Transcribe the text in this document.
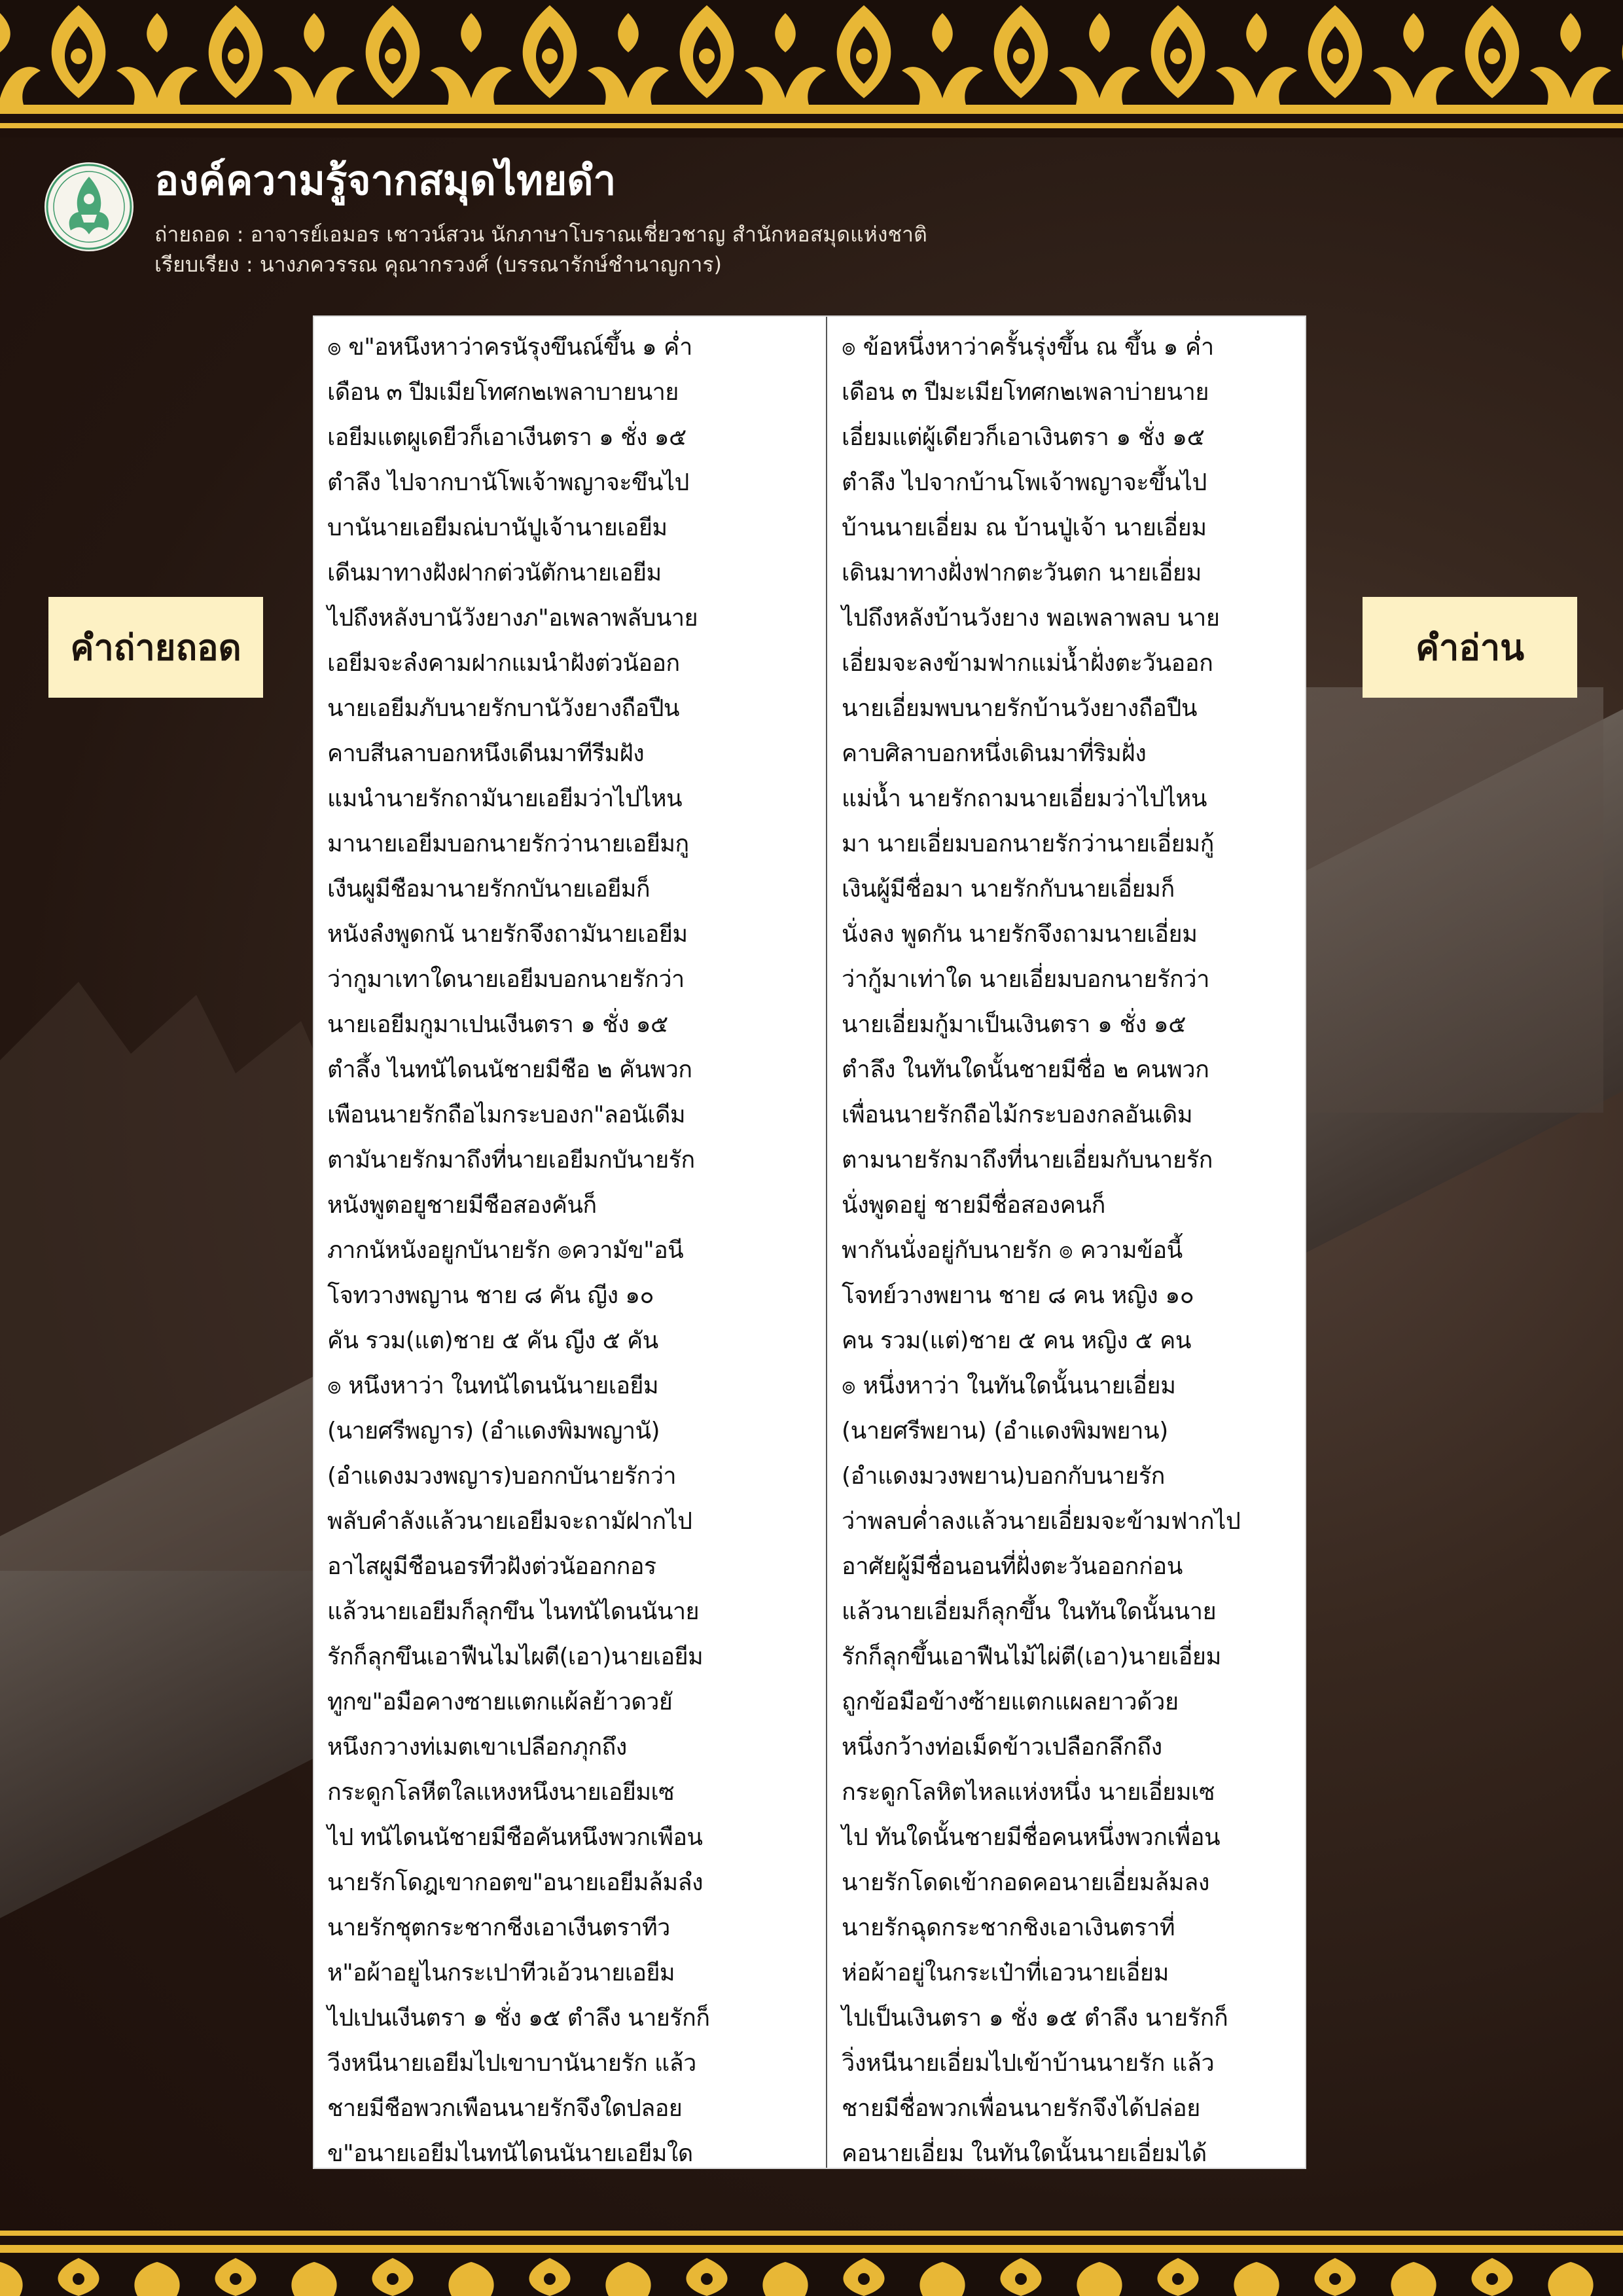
องค์ความรู้จากสมุดไทยดำ
ถ่ายถอด : อาจารย์เอมอร เชาวน์สวน นักภาษาโบราณเชี่ยวชาญ สำนักหอสมุดแห่งชาติ
เรียบเรียง : นางภควรรณ คุณากรวงศ์ (บรรณารักษ์ชำนาญการ)
คำถ่ายถอด	คำอ่าน
๏ ข"อหนึงหาว่าครนัรุงขึนณ์ขึ้น ๑ ค่ำ
เดือน ๓ ปีมเมียโทศก๒เพลาบายนาย
เอยีมแตผูเดยีวก็เอาเงีนตรา ๑ ชั่ง ๑๕
ตำลึง ไปจากบานัโพเจ้าพญาจะขึนไป
บานันายเอยีมณ่บานัปูเจ้านายเอยีม
เดีนมาทางฝังฝากต่วนัตักนายเอยีม
ไปถึงหลังบานัวังยางภ"อเพลาพลับนาย
เอยีมจะลํงคามฝากแมนำฝังต่วนัออก
นายเอยีมภับนายรักบานัวังยางถือปืน
คาบสีนลาบอกหนึงเดีนมาทีรีมฝัง
แมนำนายรักถามันายเอยีมว่าไปไหน
มานายเอยีมบอกนายรักว่านายเอยีมกู
เงีนผูมีชือมานายรักกบันายเอยีมก็
หนังลํงพูดกนั นายรักจึงถามันายเอยีม
ว่ากูมาเทาใดนายเอยีมบอกนายรักว่า
นายเอยีมกูมาเปนเงีนตรา ๑ ชั่ง ๑๕
ตำลึ้ง ไนทนัไดนนัชายมีชือ ๒ คันพวก
เพือนนายรักถือไมกระบองก"ลอนัเดีม
ตามันายรักมาถึงที่นายเอยีมกบันายรัก
หนังพูตอยูชายมีชือสองคันก็
ภากนัหนังอยูกบันายรัก ๏ความัข"อนี
โจทวางพญาน ชาย ๘ คัน ญีง ๑๐
คัน รวม(แต)ชาย ๕ คัน ญีง ๕ คัน
๏ หนึงหาว่า ในทนัไดนนันายเอยีม
(นายศรีพญาร) (อำแดงพิมพญานั)
(อำแดงมวงพญาร)บอกกบันายรักว่า
พลับคำลังแล้วนายเอยีมจะถามัฝากไป
อาไสผูมีชือนอรทีวฝังต่วนัออกกอร
แล้วนายเอยีมก็ลุกขึน ไนทนัไดนนันาย
รักก็ลุกขึนเอาฟืนไมไผตี(เอา)นายเอยีม
ทูกข"อมือคางซายแตกแผ้ลย้าวดวยั
หนึงกวางท่เมตเขาเปลีอกภุกถึง
กระดูกโลหีตใลแหงหนึงนายเอยีมเซ
ไป ทนัไดนนัชายมีชือคันหนึงพวกเพือน
นายรักโดฎเขากอตข"อนายเอยีมล้มลํง
นายรักชุตกระชากชีงเอาเงีนตราทีว
ห"อผ้าอยูไนกระเปาทีวเอ้วนายเอยีม
ไปเปนเงีนตรา ๑ ชั่ง ๑๕ ตำลึง นายรักก็
วีงหนีนายเอยีมไปเขาบานันายรัก แล้ว
ชายมีชือพวกเพือนนายรักจึงใดปลอย
ข"อนายเอยีมไนทนัไดนนันายเอยีมใด
๏ ข้อหนึ่งหาว่าครั้นรุ่งขึ้น ณ ขึ้น ๑ ค่ำ
เดือน ๓ ปีมะเมียโทศก๒เพลาบ่ายนาย
เอี่ยมแต่ผู้เดียวก็เอาเงินตรา ๑ ชั่ง ๑๕
ตำลึง ไปจากบ้านโพเจ้าพญาจะขึ้นไป
บ้านนายเอี่ยม ณ บ้านปู่เจ้า นายเอี่ยม
เดินมาทางฝั่งฟากตะวันตก นายเอี่ยม
ไปถึงหลังบ้านวังยาง พอเพลาพลบ นาย
เอี่ยมจะลงข้ามฟากแม่น้ำฝั่งตะวันออก
นายเอี่ยมพบนายรักบ้านวังยางถือปืน
คาบศิลาบอกหนึ่งเดินมาที่ริมฝั่ง
แม่น้ำ นายรักถามนายเอี่ยมว่าไปไหน
มา นายเอี่ยมบอกนายรักว่านายเอี่ยมกู้
เงินผู้มีชื่อมา นายรักกับนายเอี่ยมก็
นั่งลง พูดกัน นายรักจึงถามนายเอี่ยม
ว่ากู้มาเท่าใด นายเอี่ยมบอกนายรักว่า
นายเอี่ยมกู้มาเป็นเงินตรา ๑ ชั่ง ๑๕
ตำลึง ในทันใดนั้นชายมีชื่อ ๒ คนพวก
เพื่อนนายรักถือไม้กระบองกลอันเดิม
ตามนายรักมาถึงที่นายเอี่ยมกับนายรัก
นั่งพูดอยู่ ชายมีชื่อสองคนก็
พากันนั่งอยู่กับนายรัก ๏ ความข้อนี้
โจทย์วางพยาน ชาย ๘ คน หญิง ๑๐
คน รวม(แต่)ชาย ๕ คน หญิง ๕ คน
๏ หนึ่งหาว่า ในทันใดนั้นนายเอี่ยม
(นายศรีพยาน) (อำแดงพิมพยาน)
(อำแดงมวงพยาน)บอกกับนายรัก
ว่าพลบค่ำลงแล้วนายเอี่ยมจะข้ามฟากไป
อาศัยผู้มีชื่อนอนที่ฝั่งตะวันออกก่อน
แล้วนายเอี่ยมก็ลุกขึ้น ในทันใดนั้นนาย
รักก็ลุกขึ้นเอาฟืนไม้ไผ่ตี(เอา)นายเอี่ยม
ถูกข้อมือข้างซ้ายแตกแผลยาวด้วย
หนึ่งกว้างท่อเม็ดข้าวเปลือกลึกถึง
กระดูกโลหิตไหลแห่งหนึ่ง นายเอี่ยมเซ
ไป ทันใดนั้นชายมีชื่อคนหนึ่งพวกเพื่อน
นายรักโดดเข้ากอดคอนายเอี่ยมล้มลง
นายรักฉุดกระชากชิงเอาเงินตราที่
ห่อผ้าอยู่ในกระเป๋าที่เอวนายเอี่ยม
ไปเป็นเงินตรา ๑ ชั่ง ๑๕ ตำลึง นายรักก็
วิ่งหนีนายเอี่ยมไปเข้าบ้านนายรัก แล้ว
ชายมีชื่อพวกเพื่อนนายรักจึงได้ปล่อย
คอนายเอี่ยม ในทันใดนั้นนายเอี่ยมได้
